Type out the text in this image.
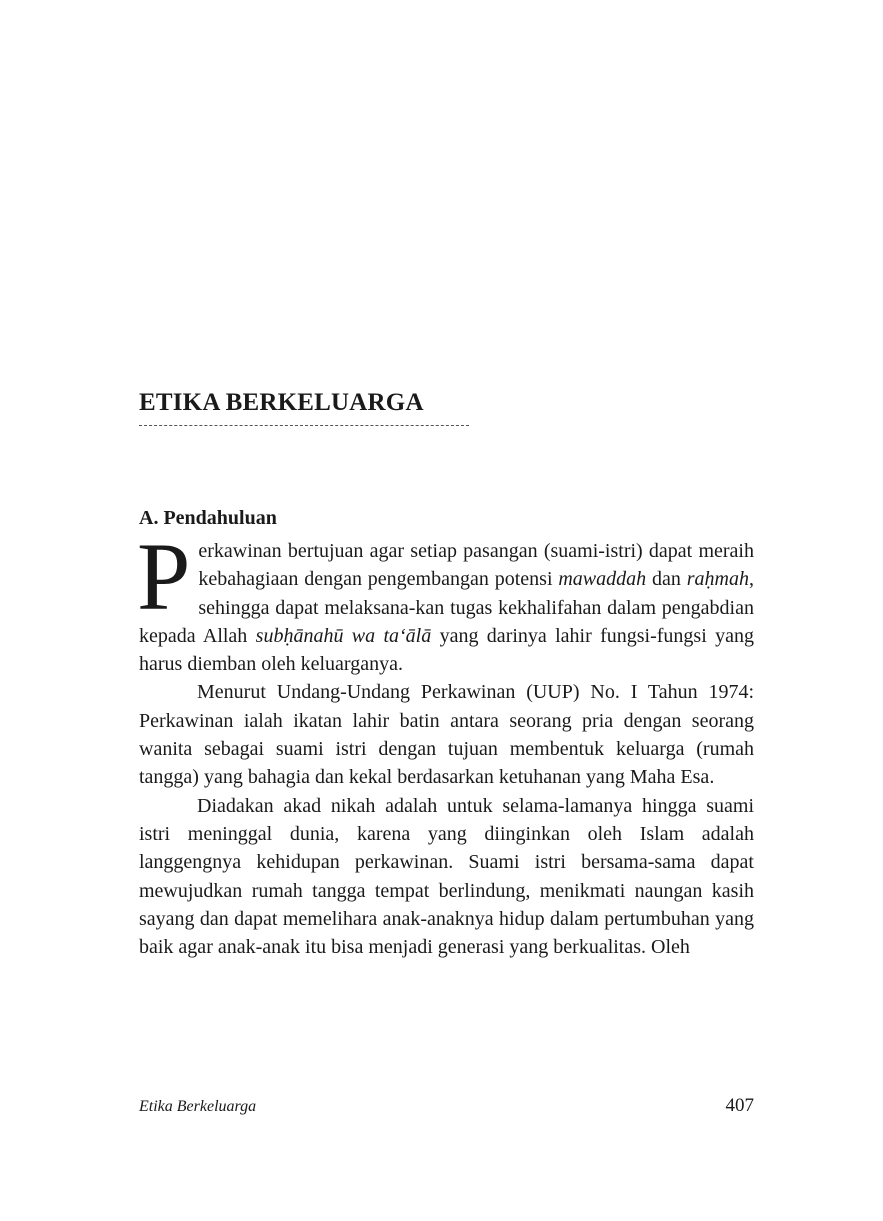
ETIKA BERKELUARGA
A. Pendahuluan

Perkawinan bertujuan agar setiap pasangan (suami-istri) dapat meraih kebahagiaan dengan pengembangan potensi mawaddah dan raḥmah, sehingga dapat melaksana-kan tugas kekhalifahan dalam pengabdian kepada Allah subḥānahū wa ta‘ālā yang darinya lahir fungsi-fungsi yang harus diemban oleh keluarganya.

Menurut Undang-Undang Perkawinan (UUP) No. I Tahun 1974: Perkawinan ialah ikatan lahir batin antara seorang pria dengan seorang wanita sebagai suami istri dengan tujuan membentuk keluarga (rumah tangga) yang bahagia dan kekal berdasarkan ketuhanan yang Maha Esa.

Diadakan akad nikah adalah untuk selama-lamanya hingga suami istri meninggal dunia, karena yang diinginkan oleh Islam adalah langgengnya kehidupan perkawinan. Suami istri bersama-sama dapat mewujudkan rumah tangga tempat berlindung, menikmati naungan kasih sayang dan dapat memelihara anak-anaknya hidup dalam pertumbuhan yang baik agar anak-anak itu bisa menjadi generasi yang berkualitas. Oleh

Etika Berkeluarga	407
